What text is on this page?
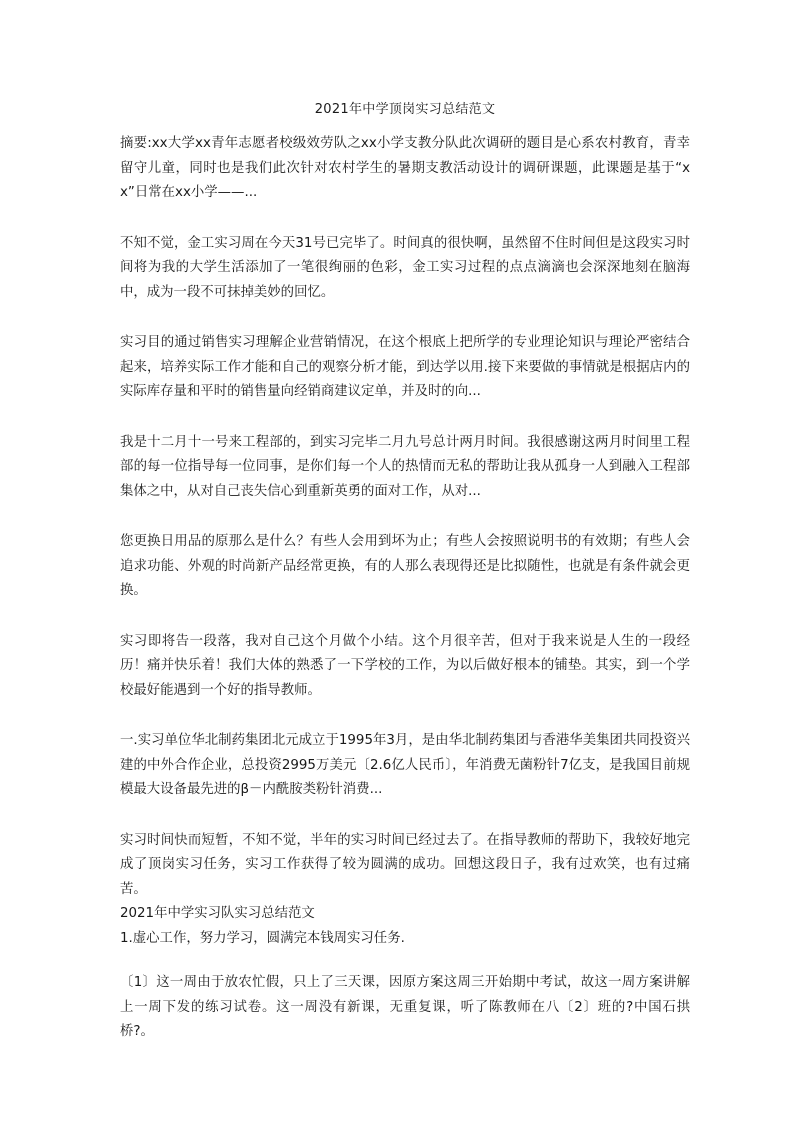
2021年中学顶岗实习总结范文

摘要:xx大学xx青年志愿者校级效劳队之xx小学支教分队此次调研的题目是心系农村教育，青幸留守儿童，同时也是我们此次针对农村学生的暑期支教活动设计的调研课题，此课题是基于“xx”日常在xx小学——...

不知不觉，金工实习周在今天31号已完毕了。时间真的很快啊，虽然留不住时间但是这段实习时间将为我的大学生活添加了一笔很绚丽的色彩，金工实习过程的点点滴滴也会深深地刻在脑海中，成为一段不可抹掉美妙的回忆。

实习目的通过销售实习理解企业营销情况，在这个根底上把所学的专业理论知识与理论严密结合起来，培养实际工作才能和自己的观察分析才能，到达学以用.接下来要做的事情就是根据店内的实际库存量和平时的销售量向经销商建议定单，并及时的向...

我是十二月十一号来工程部的，到实习完毕二月九号总计两月时间。我很感谢这两月时间里工程部的每一位指导每一位同事，是你们每一个人的热情而无私的帮助让我从孤身一人到融入工程部集体之中，从对自己丧失信心到重新英勇的面对工作，从对...

您更换日用品的原那么是什么？有些人会用到坏为止；有些人会按照说明书的有效期；有些人会追求功能、外观的时尚新产品经常更换，有的人那么表现得还是比拟随性，也就是有条件就会更换。

实习即将告一段落，我对自己这个月做个小结。这个月很辛苦，但对于我来说是人生的一段经历！痛并快乐着！我们大体的熟悉了一下学校的工作，为以后做好根本的铺垫。其实，到一个学校最好能遇到一个好的指导教师。

一.实习单位华北制药集团北元成立于1995年3月，是由华北制药集团与香港华美集团共同投资兴建的中外合作企业，总投资2995万美元〔2.6亿人民币〕，年消费无菌粉针7亿支，是我国目前规模最大设备最先进的β－内酰胺类粉针消费...

实习时间快而短暂，不知不觉，半年的实习时间已经过去了。在指导教师的帮助下，我较好地完成了顶岗实习任务，实习工作获得了较为圆满的成功。回想这段日子，我有过欢笑，也有过痛苦。

2021年中学实习队实习总结范文

1.虚心工作，努力学习，圆满完本钱周实习任务.

〔1〕这一周由于放农忙假，只上了三天课，因原方案这周三开始期中考试，故这一周方案讲解上一周下发的练习试卷。这一周没有新课，无重复课，听了陈教师在八〔2〕班的?中国石拱桥?。
